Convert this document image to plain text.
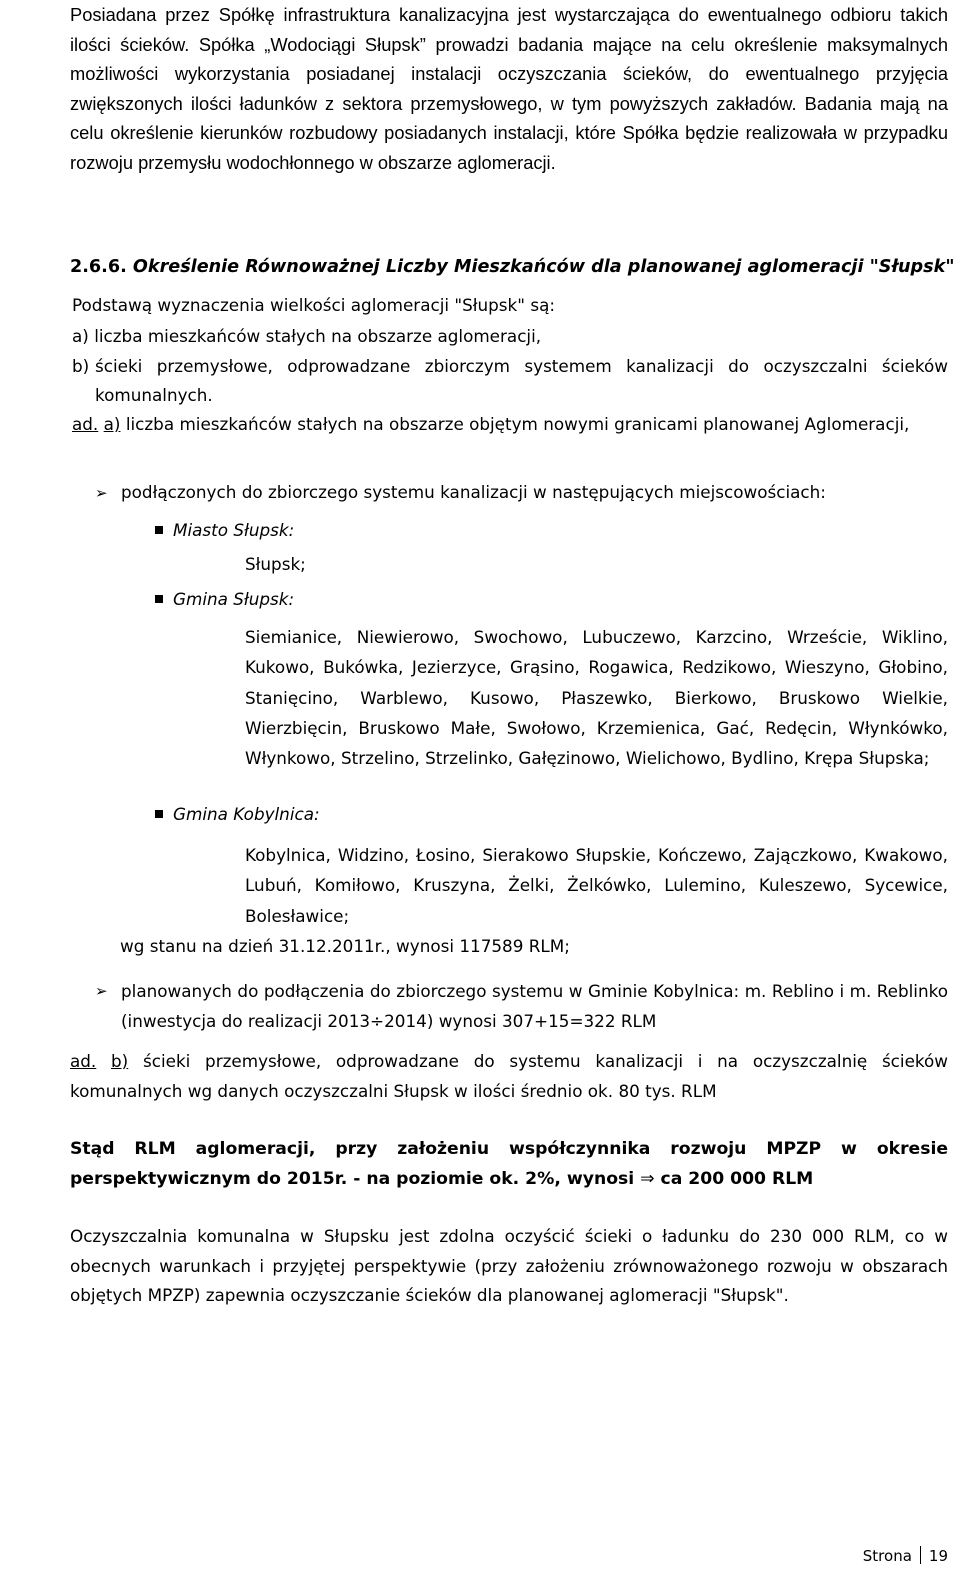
Posiadana przez Spółkę infrastruktura kanalizacyjna jest wystarczająca do ewentualnego odbioru takich ilości ścieków. Spółka „Wodociągi Słupsk” prowadzi badania mające na celu określenie maksymalnych możliwości wykorzystania posiadanej instalacji oczyszczania ścieków, do ewentualnego przyjęcia zwiększonych ilości ładunków z sektora przemysłowego, w tym powyższych zakładów. Badania mają na celu określenie kierunków rozbudowy posiadanych instalacji, które Spółka będzie realizowała w przypadku rozwoju przemysłu wodochłonnego w obszarze aglomeracji.

2.6.6. Określenie Równoważnej Liczby Mieszkańców dla planowanej aglomeracji "Słupsk"
Podstawą wyznaczenia wielkości aglomeracji "Słupsk" są:
a) liczba mieszkańców stałych na obszarze aglomeracji,
b) ścieki przemysłowe, odprowadzane zbiorczym systemem kanalizacji do oczyszczalni ścieków komunalnych.
ad. a) liczba mieszkańców stałych na obszarze objętym nowymi granicami planowanej Aglomeracji,
➢ podłączonych do zbiorczego systemu kanalizacji w następujących miejscowościach:
Miasto Słupsk:
Słupsk;
Gmina Słupsk:
Siemianice, Niewierowo, Swochowo, Lubuczewo, Karzcino, Wrzeście, Wiklino, Kukowo, Bukówka, Jezierzyce, Grąsino, Rogawica, Redzikowo, Wieszyno, Głobino, Stanięcino, Warblewo, Kusowo, Płaszewko, Bierkowo, Bruskowo Wielkie, Wierzbięcin, Bruskowo Małe, Swołowo, Krzemienica, Gać, Redęcin, Włynkówko, Włynkowo, Strzelino, Strzelinko, Gałęzinowo, Wielichowo, Bydlino, Krępa Słupska;
Gmina Kobylnica:
Kobylnica, Widzino, Łosino, Sierakowo Słupskie, Kończewo, Zajączkowo, Kwakowo, Lubuń, Komiłowo, Kruszyna, Żelki, Żelkówko, Lulemino, Kuleszewo, Sycewice, Bolesławice;
wg stanu na dzień 31.12.2011r., wynosi 117589 RLM;
➢ planowanych do podłączenia do zbiorczego systemu w Gminie Kobylnica: m. Reblino i m. Reblinko (inwestycja do realizacji 2013÷2014) wynosi 307+15=322 RLM
ad. b) ścieki przemysłowe, odprowadzane do systemu kanalizacji i na oczyszczalnię ścieków komunalnych wg danych oczyszczalni Słupsk w ilości średnio ok. 80 tys. RLM
Stąd RLM aglomeracji, przy założeniu współczynnika rozwoju MPZP w okresie perspektywicznym do 2015r. - na poziomie ok. 2%, wynosi ⇒ ca 200 000 RLM
Oczyszczalnia komunalna w Słupsku jest zdolna oczyścić ścieki o ładunku do 230 000 RLM, co w obecnych warunkach i przyjętej perspektywie (przy założeniu zrównoważonego rozwoju w obszarach objętych MPZP) zapewnia oczyszczanie ścieków dla planowanej aglomeracji "Słupsk".
Strona 19
